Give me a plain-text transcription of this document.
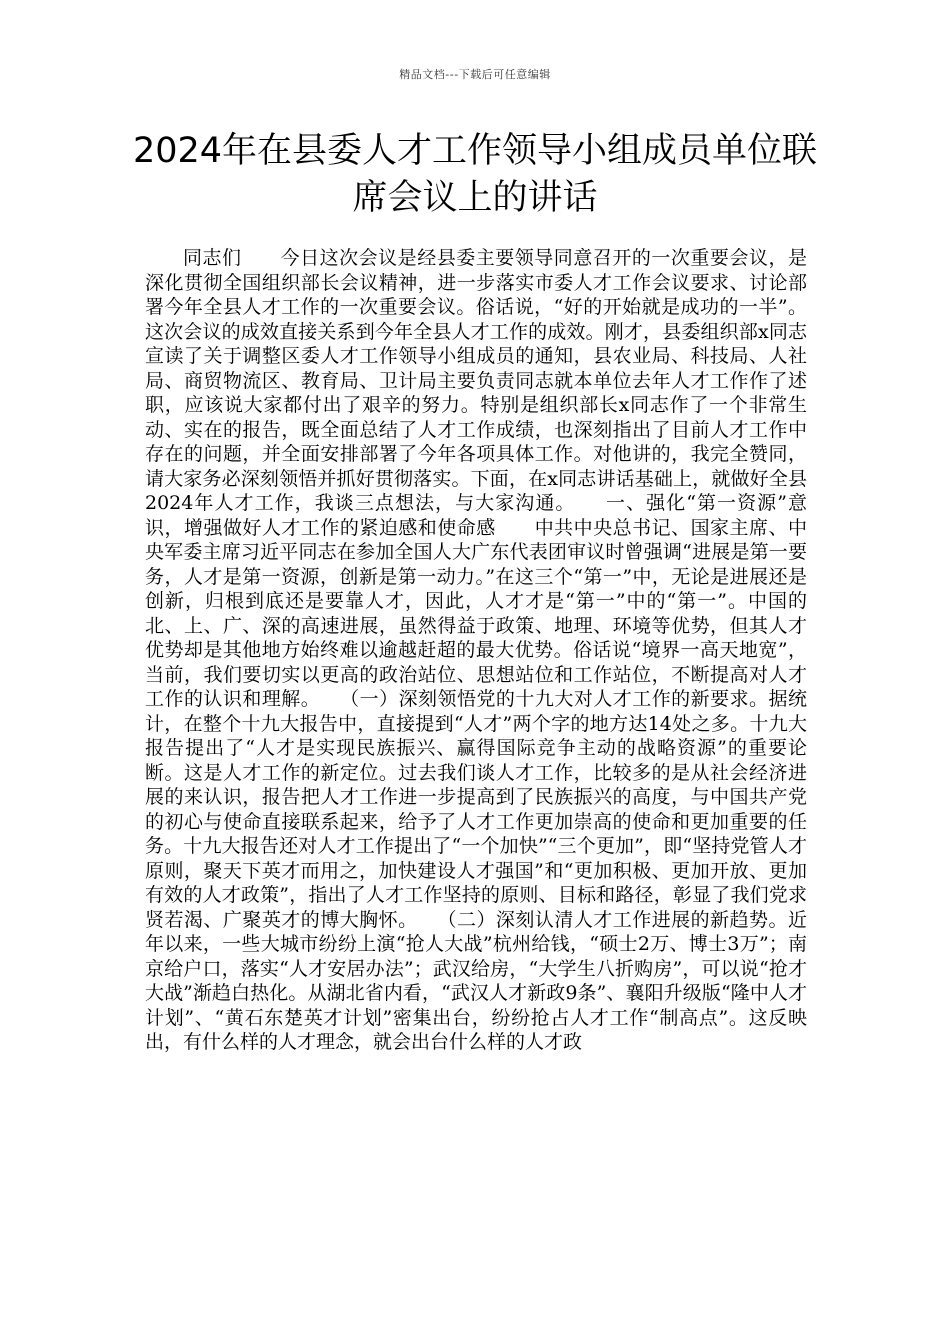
精品文档---下载后可任意编辑
2024年在县委人才工作领导小组成员单位联席会议上的讲话

同志们　　今日这次会议是经县委主要领导同意召开的一次重要会议，是深化贯彻全国组织部长会议精神，进一步落实市委人才工作会议要求、讨论部署今年全县人才工作的一次重要会议。俗话说，“好的开始就是成功的一半”。这次会议的成效直接关系到今年全县人才工作的成效。刚才，县委组织部x同志宣读了关于调整区委人才工作领导小组成员的通知，县农业局、科技局、人社局、商贸物流区、教育局、卫计局主要负责同志就本单位去年人才工作作了述职，应该说大家都付出了艰辛的努力。特别是组织部长x同志作了一个非常生动、实在的报告，既全面总结了人才工作成绩，也深刻指出了目前人才工作中存在的问题，并全面安排部署了今年各项具体工作。对他讲的，我完全赞同，请大家务必深刻领悟并抓好贯彻落实。下面，在x同志讲话基础上，就做好全县2024年人才工作，我谈三点想法，与大家沟通。　　一、强化“第一资源”意识，增强做好人才工作的紧迫感和使命感　　中共中央总书记、国家主席、中央军委主席习近平同志在参加全国人大广东代表团审议时曾强调“进展是第一要务，人才是第一资源，创新是第一动力。”在这三个“第一”中，无论是进展还是创新，归根到底还是要靠人才，因此，人才才是“第一”中的“第一”。中国的北、上、广、深的高速进展，虽然得益于政策、地理、环境等优势，但其人才优势却是其他地方始终难以逾越赶超的最大优势。俗话说“境界一高天地宽”，当前，我们要切实以更高的政治站位、思想站位和工作站位，不断提高对人才工作的认识和理解。　　（一）深刻领悟党的十九大对人才工作的新要求。据统计，在整个十九大报告中，直接提到“人才”两个字的地方达14处之多。十九大报告提出了“人才是实现民族振兴、赢得国际竞争主动的战略资源”的重要论断。这是人才工作的新定位。过去我们谈人才工作，比较多的是从社会经济进展的来认识，报告把人才工作进一步提高到了民族振兴的高度，与中国共产党的初心与使命直接联系起来，给予了人才工作更加崇高的使命和更加重要的任务。十九大报告还对人才工作提出了“一个加快”“三个更加”，即“坚持党管人才原则，聚天下英才而用之，加快建设人才强国”和“更加积极、更加开放、更加有效的人才政策”，指出了人才工作坚持的原则、目标和路径，彰显了我们党求贤若渴、广聚英才的博大胸怀。　　（二）深刻认清人才工作进展的新趋势。近年以来，一些大城市纷纷上演“抢人大战”杭州给钱，“硕士2万、博士3万”；南京给户口，落实“人才安居办法”；武汉给房，“大学生八折购房”，可以说“抢才大战”渐趋白热化。从湖北省内看，“武汉人才新政9条”、襄阳升级版“隆中人才计划”、“黄石东楚英才计划”密集出台，纷纷抢占人才工作“制高点”。这反映出，有什么样的人才理念，就会出台什么样的人才政
